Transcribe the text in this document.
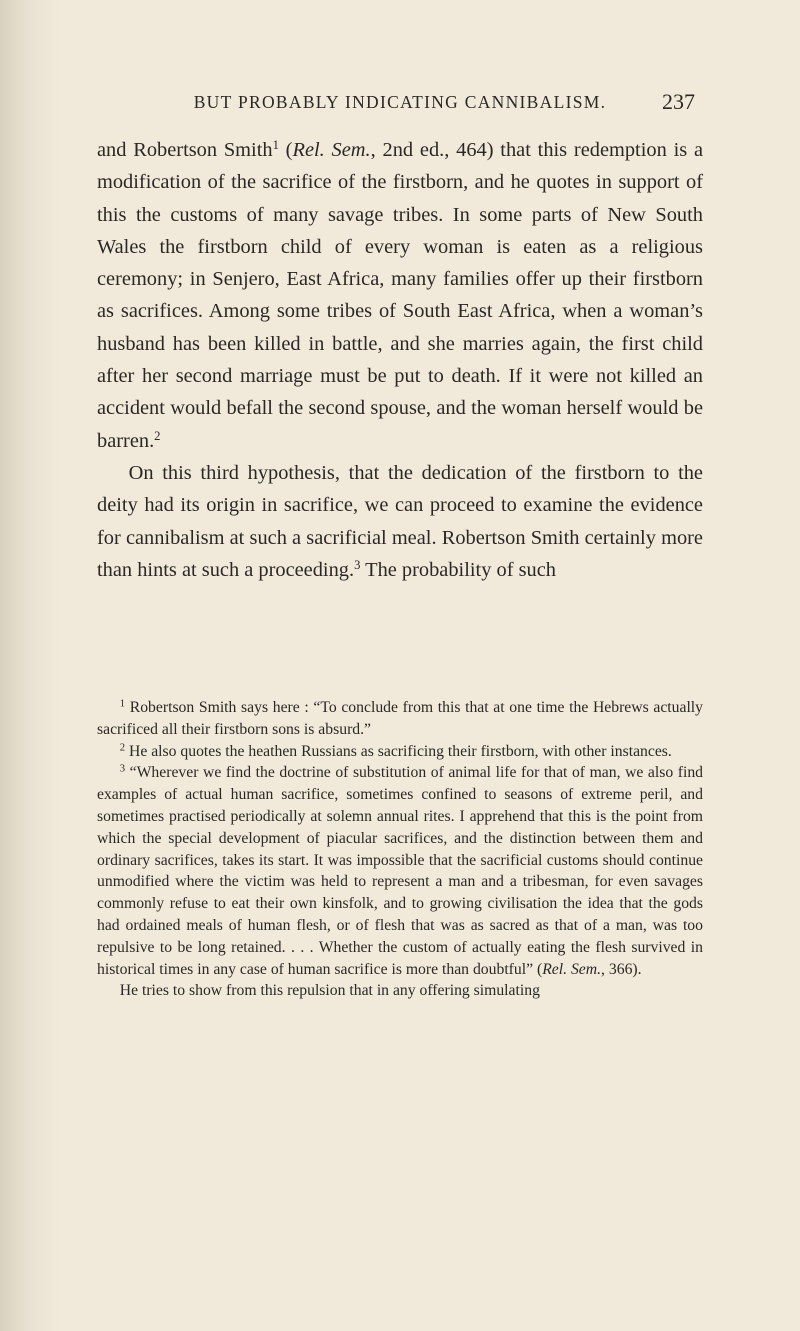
BUT PROBABLY INDICATING CANNIBALISM.	237

and Robertson Smith$^1$ (Rel. Sem., 2nd ed., 464) that this redemption is a modification of the sacrifice of the firstborn, and he quotes in support of this the customs of many savage tribes. In some parts of New South Wales the firstborn child of every woman is eaten as a religious ceremony; in Senjero, East Africa, many families offer up their firstborn as sacrifices. Among some tribes of South East Africa, when a woman’s husband has been killed in battle, and she marries again, the first child after her second marriage must be put to death. If it were not killed an accident would befall the second spouse, and the woman herself would be barren.$^2$

On this third hypothesis, that the dedication of the firstborn to the deity had its origin in sacrifice, we can proceed to examine the evidence for cannibalism at such a sacrificial meal. Robertson Smith certainly more than hints at such a proceeding.$^3$ The probability of such

$^1$ Robertson Smith says here : “To conclude from this that at one time the Hebrews actually sacrificed all their firstborn sons is absurd.”

$^2$ He also quotes the heathen Russians as sacrificing their firstborn, with other instances.

$^3$ “Wherever we find the doctrine of substitution of animal life for that of man, we also find examples of actual human sacrifice, sometimes confined to seasons of extreme peril, and sometimes practised periodically at solemn annual rites. I apprehend that this is the point from which the special development of piacular sacrifices, and the distinction between them and ordinary sacrifices, takes its start. It was impossible that the sacrificial customs should continue unmodified where the victim was held to represent a man and a tribesman, for even savages commonly refuse to eat their own kinsfolk, and to growing civilisation the idea that the gods had ordained meals of human flesh, or of flesh that was as sacred as that of a man, was too repulsive to be long retained. . . . Whether the custom of actually eating the flesh survived in historical times in any case of human sacrifice is more than doubtful” (Rel. Sem., 366).

He tries to show from this repulsion that in any offering simulating
